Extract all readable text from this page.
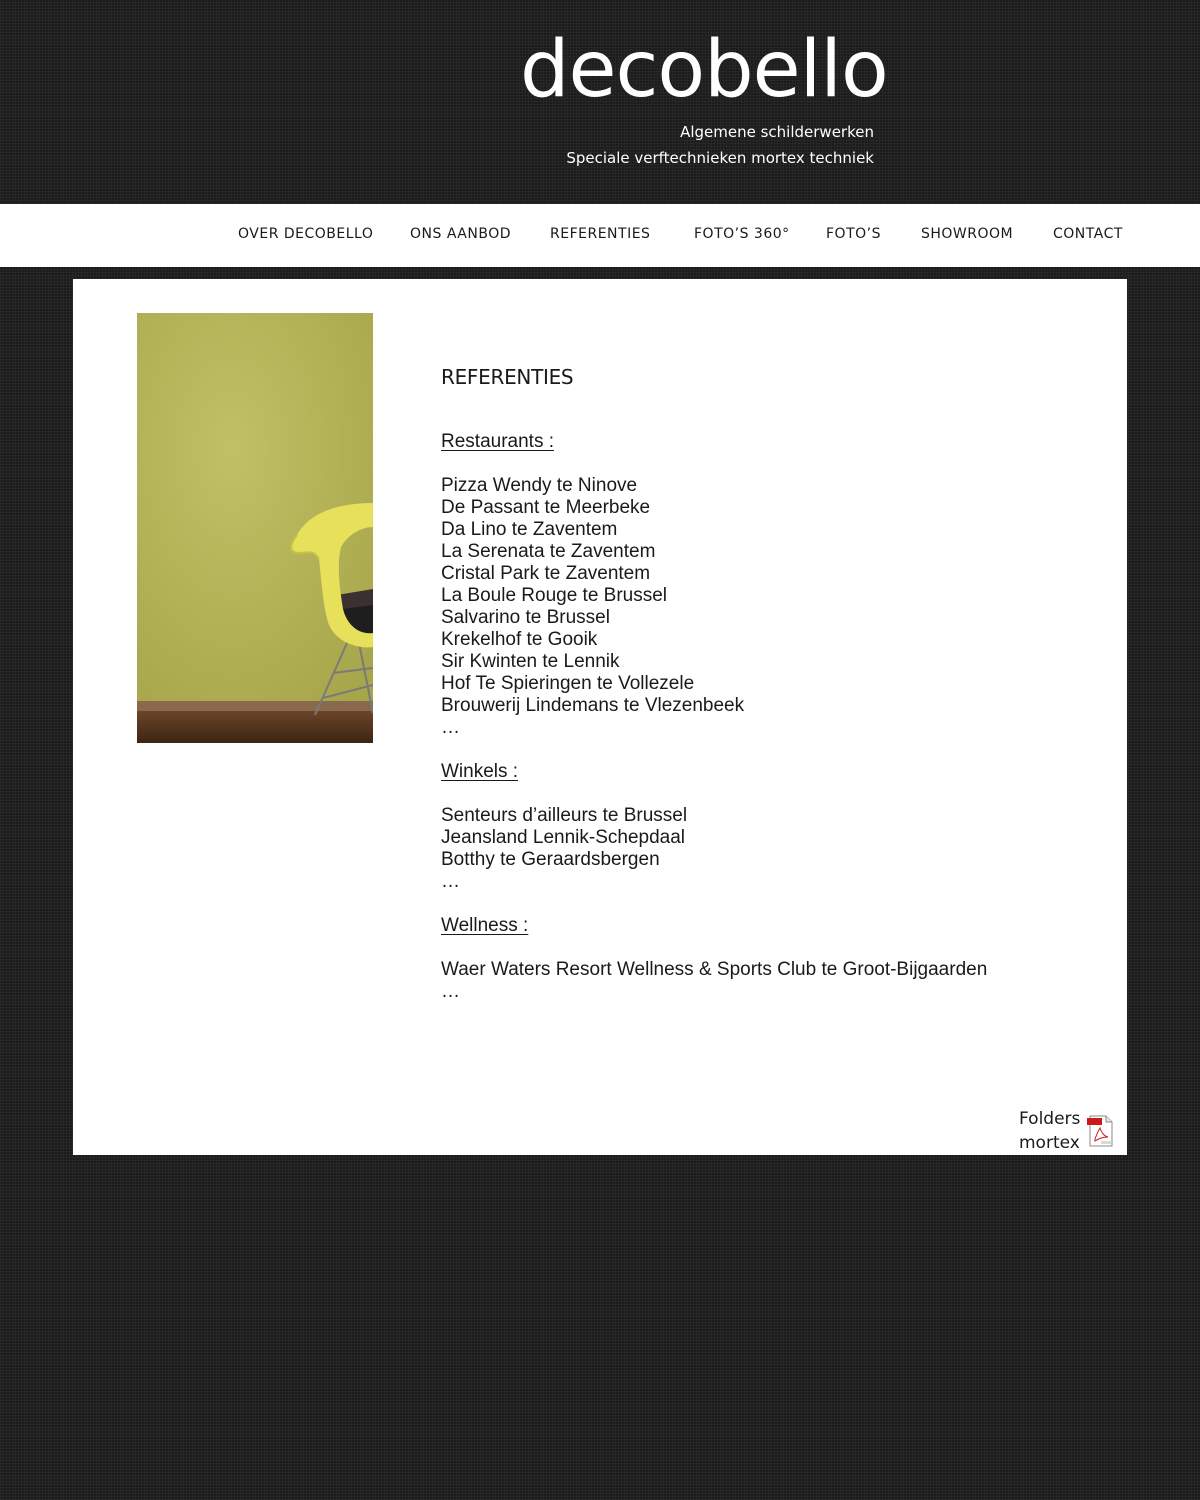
decobello
Algemene schilderwerken
Speciale verftechnieken mortex techniek
OVER DECOBELLO	ONS AANBOD	REFERENTIES	FOTO’S 360°	FOTO’S	SHOWROOM	CONTACT
REFERENTIES
Restaurants :
Pizza Wendy te Ninove
De Passant te Meerbeke
Da Lino te Zaventem
La Serenata te Zaventem
Cristal Park te Zaventem
La Boule Rouge te Brussel
Salvarino te Brussel
Krekelhof te Gooik
Sir Kwinten te Lennik
Hof Te Spieringen te Vollezele
Brouwerij Lindemans te Vlezenbeek
…
Winkels :
Senteurs d’ailleurs te Brussel
Jeansland Lennik-Schepdaal
Botthy te Geraardsbergen
…
Wellness :
Waer Waters Resort Wellness & Sports Club te Groot-Bijgaarden
…
Folders
mortex
